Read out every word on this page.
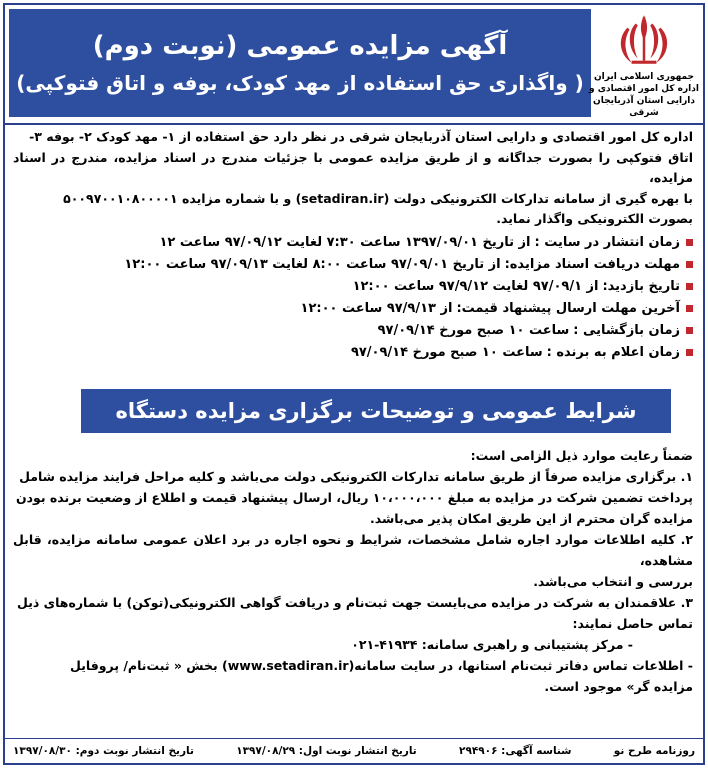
آگهی مزایده عمومی (نوبت دوم)
( واگذاری حق استفاده از مهد کودک، بوفه و اتاق فتوکپی)	جمهوری اسلامی ایران
اداره کل امور اقتصادی و
دارایی استان آذربایجان شرقی

اداره کل امور اقتصادی و دارایی استان آذربایجان شرقی در نظر دارد حق استفاده از ۱- مهد کودک ۲- بوفه ۳-

اتاق فتوکپی را بصورت جداگانه و از طریق مزایده عمومی با جزئیات مندرج در اسناد مزایده، مندرج در اسناد مزایده،

با بهره گیری از سامانه تدارکات الکترونیکی دولت (setadiran.ir) و با شماره مزایده ۵۰۰۹۷۰۰۱۰۸۰۰۰۰۱

بصورت الکترونیکی واگذار نماید.

زمان انتشار در سایت :
از تاریخ ۱۳۹۷/۰۹/۰۱ ساعت ۷:۳۰ لغایت ۹۷/۰۹/۱۲ ساعت ۱۲
مهلت دریافت اسناد مزایده:
از تاریخ ۹۷/۰۹/۰۱ ساعت ۸:۰۰ لغایت ۹۷/۰۹/۱۳ ساعت ۱۲:۰۰
تاریخ بازدید:
از ۹۷/۰۹/۱ لغایت ۹۷/۹/۱۲ ساعت ۱۲:۰۰
آخرین مهلت ارسال پیشنهاد قیمت:
از ۹۷/۹/۱۳ ساعت ۱۲:۰۰
زمان بازگشایی :
ساعت ۱۰ صبح مورخ ۹۷/۰۹/۱۴
زمان اعلام به برنده :
ساعت ۱۰ صبح مورخ ۹۷/۰۹/۱۴
شرایط عمومی و توضیحات برگزاری مزایده دستگاه اجرایی	ضمناً رعایت موارد ذیل الزامی است:

۱. برگزاری مزایده صرفاً از طریق سامانه تدارکات الکترونیکی دولت می‌باشد و کلیه مراحل فرایند مزایده شامل

پرداخت تضمین شرکت در مزایده به مبلغ ۱۰،۰۰۰،۰۰۰ ریال، ارسال پیشنهاد قیمت و اطلاع از وضعیت برنده بودن

مزایده گران محترم از این طریق امکان پذیر می‌باشد.

۲. کلیه اطلاعات موارد اجاره شامل مشخصات، شرایط و نحوه اجاره در برد اعلان عمومی سامانه مزایده، قابل مشاهده،

بررسی و انتخاب می‌باشد.

۳. علاقمندان به شرکت در مزایده می‌بایست جهت ثبت‌نام و دریافت گواهی الکترونیکی(توکن) با شماره‌های ذیل

تماس حاصل نمایند:

- مرکز پشتیبانی و راهبری سامانه: ۴۱۹۳۴-۰۲۱

- اطلاعات تماس دفاتر ثبت‌نام استانها، در سایت سامانه(www.setadiran.ir) بخش « ثبت‌نام/ پروفایل

مزایده گر» موجود است.

روزنامه طرح نو
شناسه آگهی: ۲۹۴۹۰۶
تاریخ انتشار نوبت اول: ۱۳۹۷/۰۸/۲۹
تاریخ انتشار نوبت دوم: ۱۳۹۷/۰۸/۳۰
